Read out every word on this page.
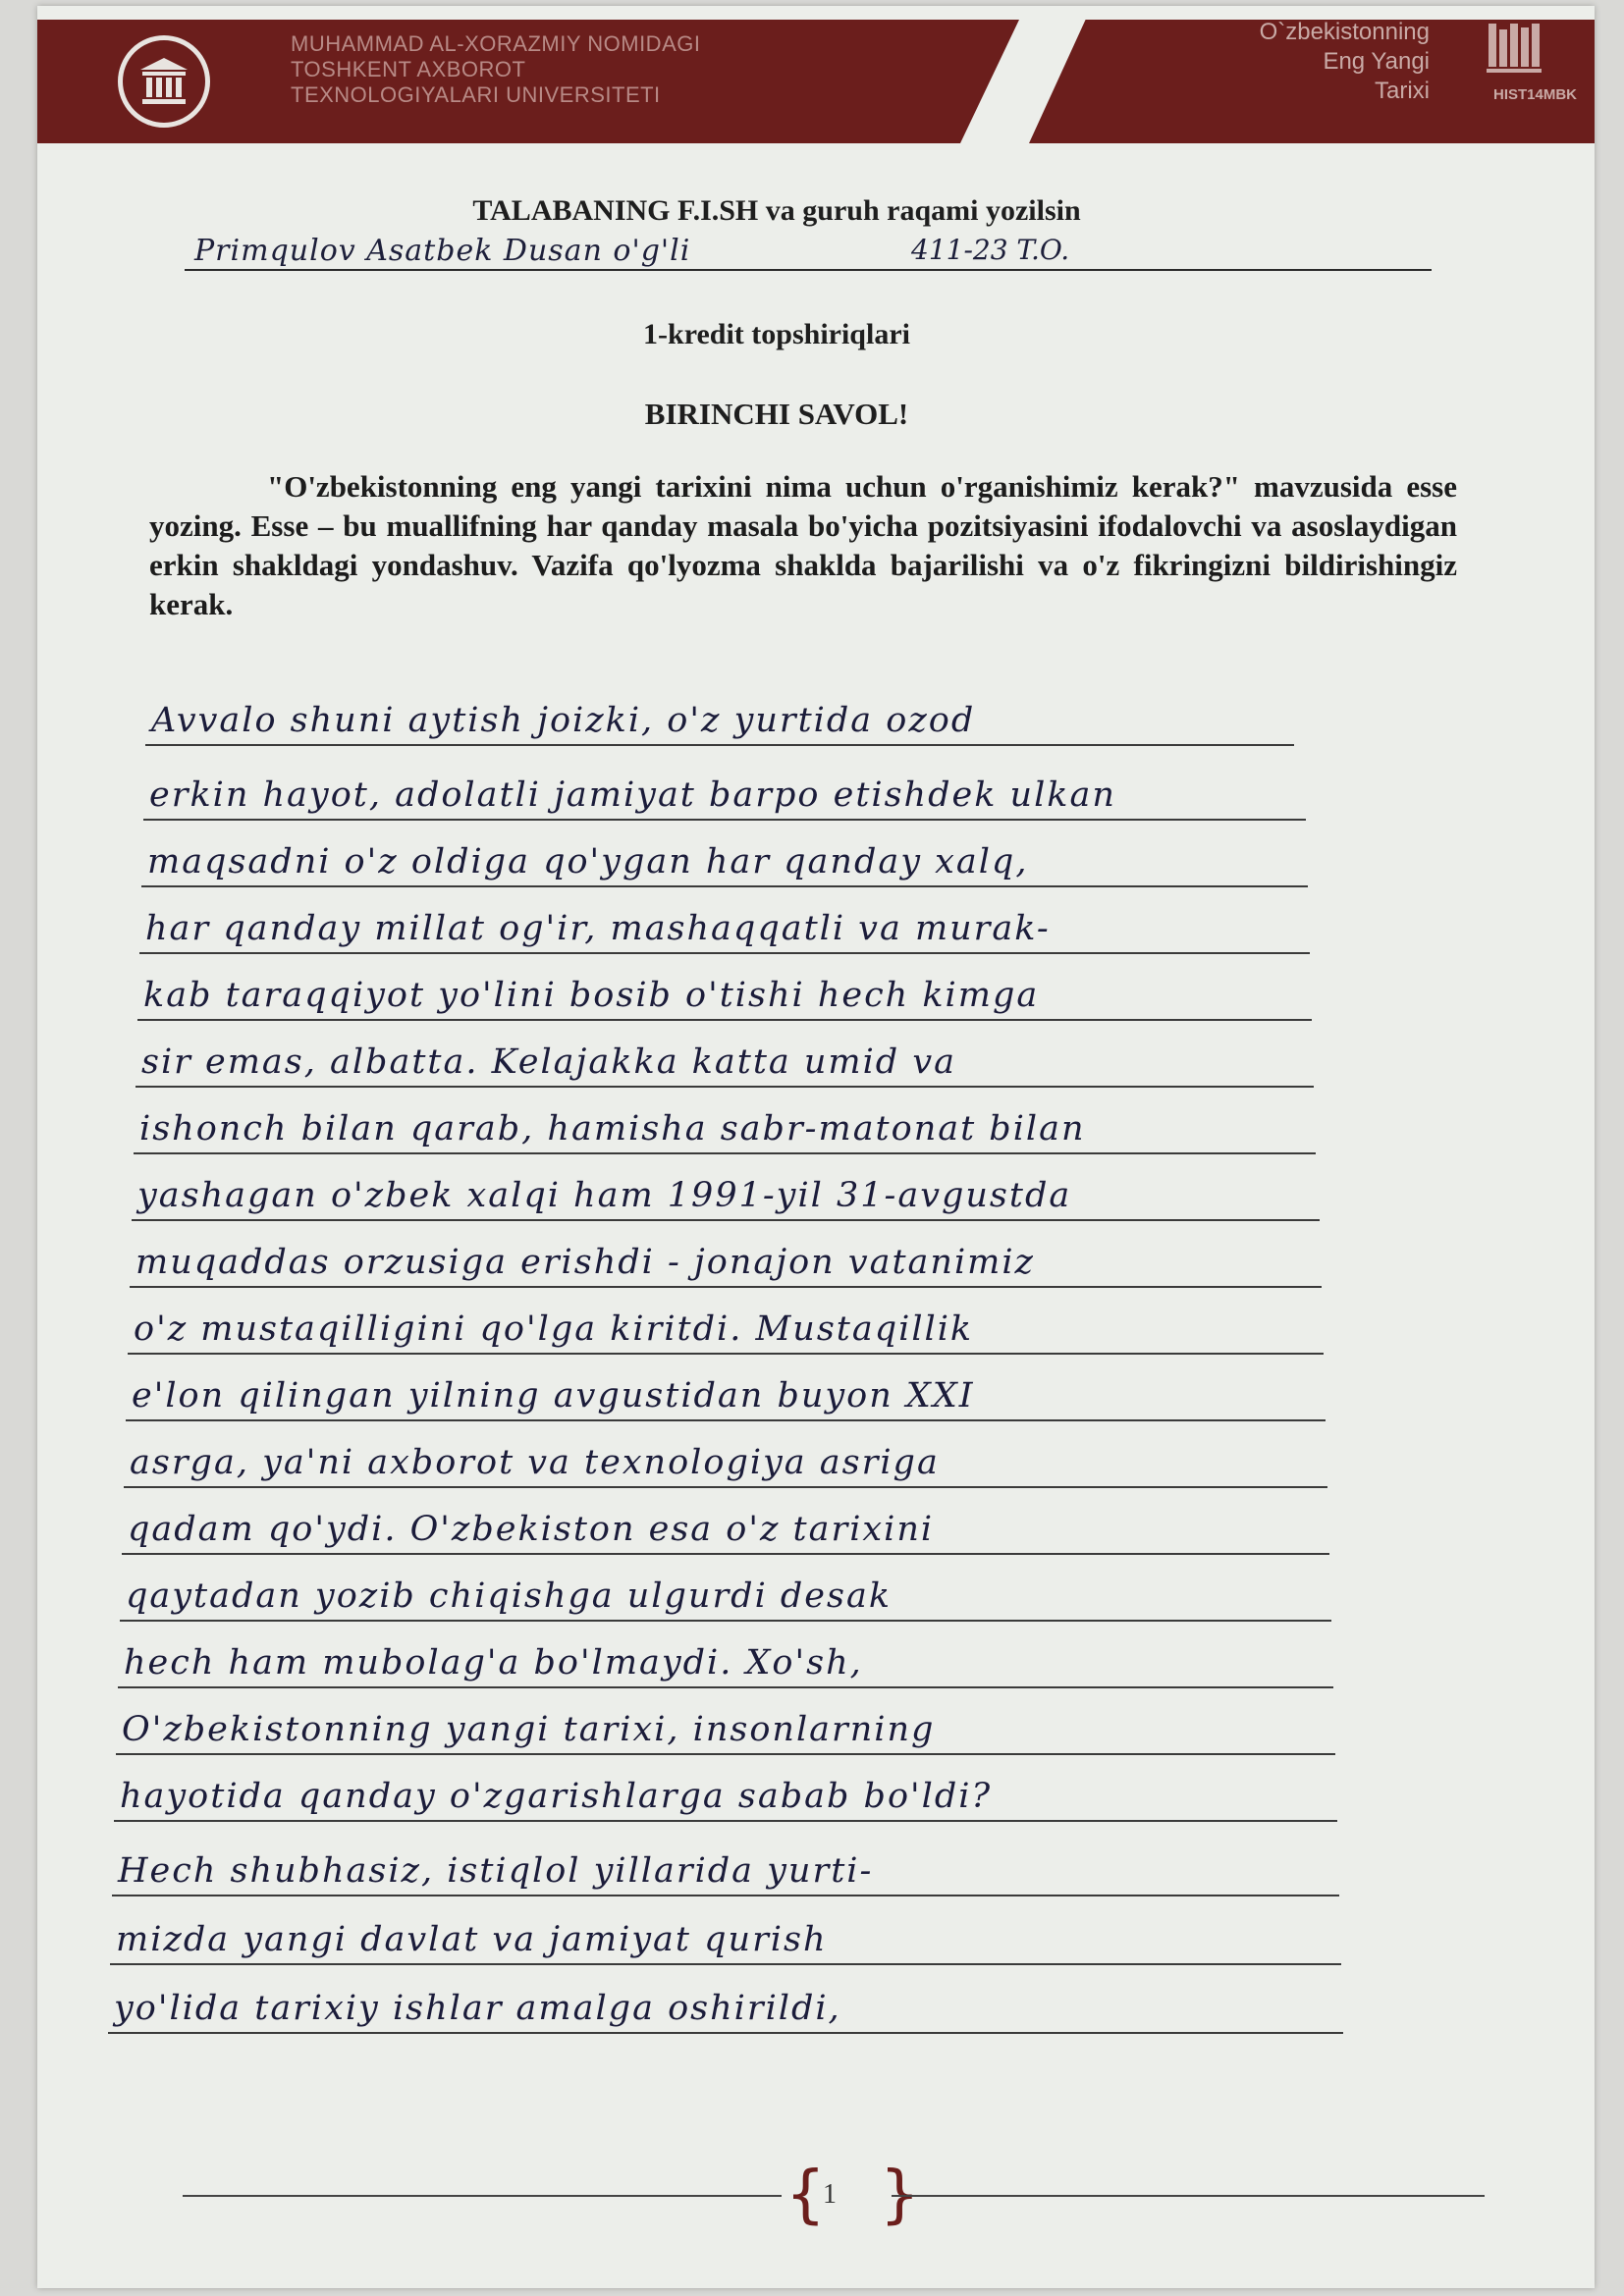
MUHAMMAD AL-XORAZMIY NOMIDAGI
TOSHKENT AXBOROT
TEXNOLOGIYALARI UNIVERSITETI
O`zbekistonning
Eng Yangi
Tarixi	HIST14MBK
TALABANING F.I.SH va guruh raqami yozilsin
Primqulov Asatbek Dusan o'g'li	411-23 T.O.
1-kredit topshiriqlari
BIRINCHI SAVOL!
"O'zbekistonning eng yangi tarixini nima uchun o'rganishimiz kerak?" mavzusida esse yozing. Esse – bu muallifning har qanday masala bo'yicha pozitsiyasini ifodalovchi va asoslaydigan erkin shakldagi yondashuv. Vazifa qo'lyozma shaklda bajarilishi va o'z fikringizni bildirishingiz kerak.
Avvalo shuni aytish joizki, o'z yurtida ozod
erkin hayot, adolatli jamiyat barpo etishdek ulkan
maqsadni o'z oldiga qo'ygan har qanday xalq,
har qanday millat og'ir, mashaqqatli va murak-
kab taraqqiyot yo'lini bosib o'tishi hech kimga
sir emas, albatta. Kelajakka katta umid va
ishonch bilan qarab, hamisha sabr-matonat bilan
yashagan o'zbek xalqi ham 1991-yil 31-avgustda
muqaddas orzusiga erishdi - jonajon vatanimiz
o'z mustaqilligini qo'lga kiritdi. Mustaqillik
e'lon qilingan yilning avgustidan buyon XXI
asrga, ya'ni axborot va texnologiya asriga
qadam qo'ydi. O'zbekiston esa o'z tarixini
qaytadan yozib chiqishga ulgurdi desak
hech ham mubolag'a bo'lmaydi. Xo'sh,
O'zbekistonning yangi tarixi, insonlarning
hayotida qanday o'zgarishlarga sabab bo'ldi?
Hech shubhasiz, istiqlol yillarida yurti-
mizda yangi davlat va jamiyat qurish
yo'lida tarixiy ishlar amalga oshirildi,
{
1 }
